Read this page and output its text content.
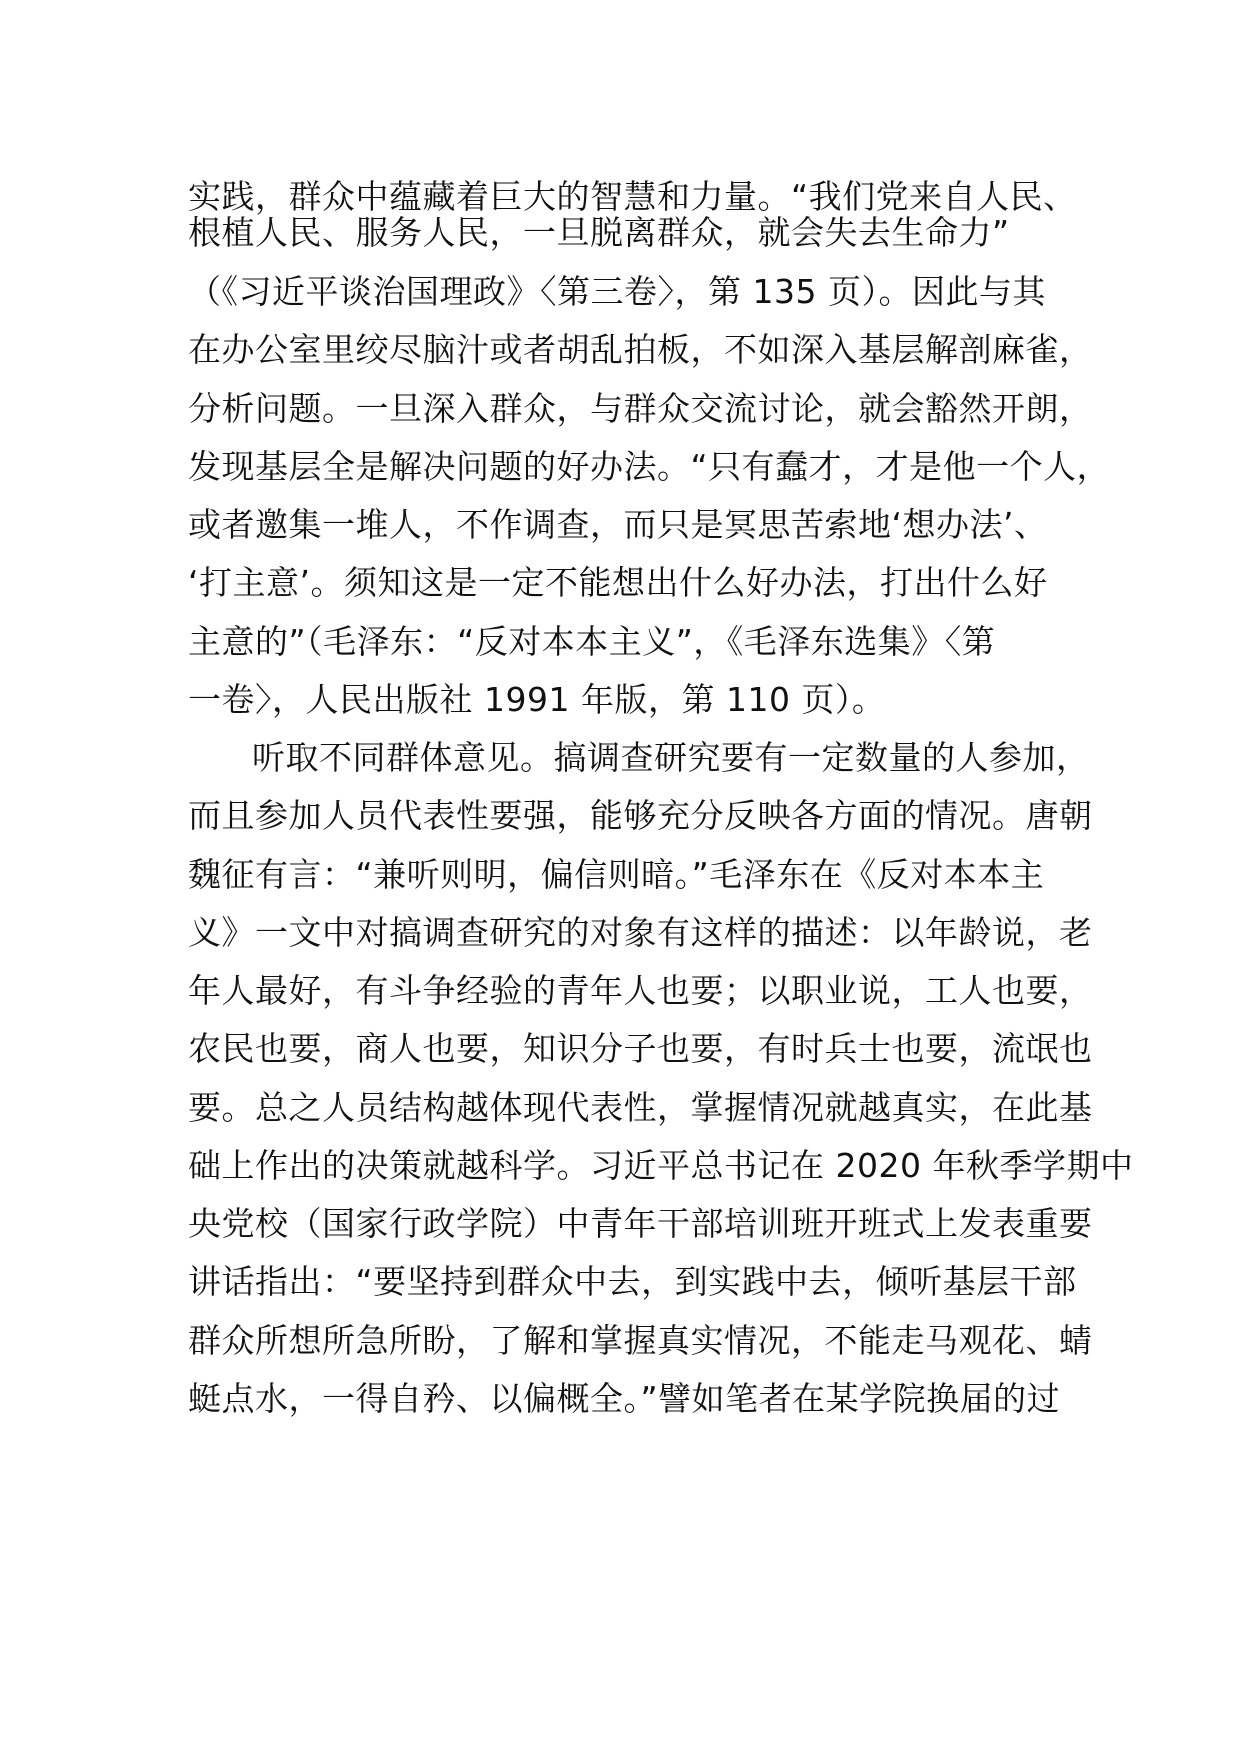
实践，群众中蕴藏着巨大的智慧和力量。“我们党来自人民、
根植人民、服务人民，一旦脱离群众，就会失去生命力”
（《习近平谈治国理政》〈第三卷〉，第 135 页）。因此与其
在办公室里绞尽脑汁或者胡乱拍板，不如深入基层解剖麻雀，
分析问题。一旦深入群众，与群众交流讨论，就会豁然开朗，
发现基层全是解决问题的好办法。“只有蠢才，才是他一个人，
或者邀集一堆人，不作调查，而只是冥思苦索地‘想办法’、
‘打主意’。须知这是一定不能想出什么好办法，打出什么好
主意的”（毛泽东：“反对本本主义”，《毛泽东选集》〈第
一卷〉，人民出版社 1991 年版，第 110 页）。
听取不同群体意见。搞调查研究要有一定数量的人参加，
而且参加人员代表性要强，能够充分反映各方面的情况。唐朝
魏征有言：“兼听则明，偏信则暗。”毛泽东在《反对本本主
义》一文中对搞调查研究的对象有这样的描述：以年龄说，老
年人最好，有斗争经验的青年人也要；以职业说，工人也要，
农民也要，商人也要，知识分子也要，有时兵士也要，流氓也
要。总之人员结构越体现代表性，掌握情况就越真实，在此基
础上作出的决策就越科学。习近平总书记在 2020 年秋季学期中
央党校（国家行政学院）中青年干部培训班开班式上发表重要
讲话指出：“要坚持到群众中去，到实践中去，倾听基层干部
群众所想所急所盼，了解和掌握真实情况，不能走马观花、蜻
蜓点水，一得自矜、以偏概全。”譬如笔者在某学院换届的过
